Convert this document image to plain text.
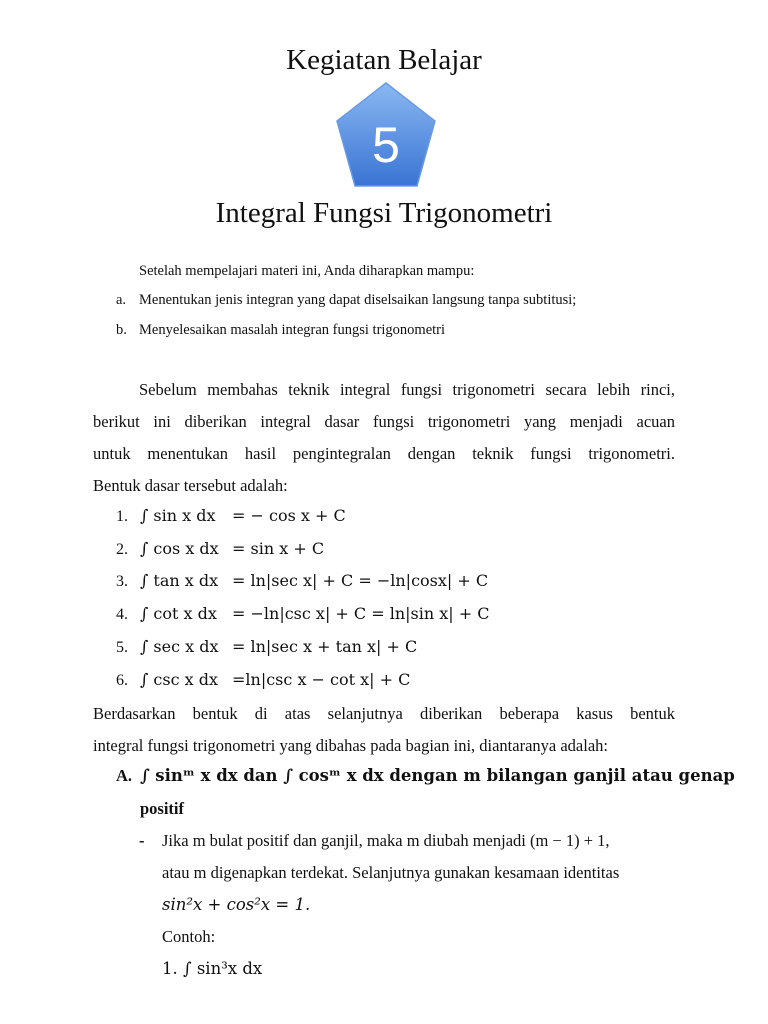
Kegiatan Belajar
5
Integral Fungsi Trigonometri
Setelah mempelajari materi ini, Anda diharapkan mampu:
a. Menentukan jenis integran yang dapat diselsaikan langsung tanpa subtitusi;
b. Menyelesaikan masalah integran fungsi trigonometri
Sebelum membahas teknik integral fungsi trigonometri secara lebih rinci,
berikut ini diberikan integral dasar fungsi trigonometri yang menjadi acuan
untuk menentukan hasil pengintegralan dengan teknik fungsi trigonometri.
Bentuk dasar tersebut adalah:
1. ∫ sin x dx = − cos x + C
2. ∫ cos x dx = sin x + C
3. ∫ tan x dx = ln|sec x| + C = −ln|cosx| + C
4. ∫ cot x dx = −ln|csc x| + C = ln|sin x| + C
5. ∫ sec x dx = ln|sec x + tan x| + C
6. ∫ csc x dx =ln|csc x − cot x| + C
Berdasarkan bentuk di atas selanjutnya diberikan beberapa kasus bentuk
integral fungsi trigonometri yang dibahas pada bagian ini, diantaranya adalah:
A. ∫ sinᵐ x dx dan ∫ cosᵐ x dx dengan m bilangan ganjil atau genap
positif
- Jika m bulat positif dan ganjil, maka m diubah menjadi (m − 1) + 1,
atau m digenapkan terdekat. Selanjutnya gunakan kesamaan identitas
sin²x + cos²x = 1.
Contoh:
1. ∫ sin³x dx
